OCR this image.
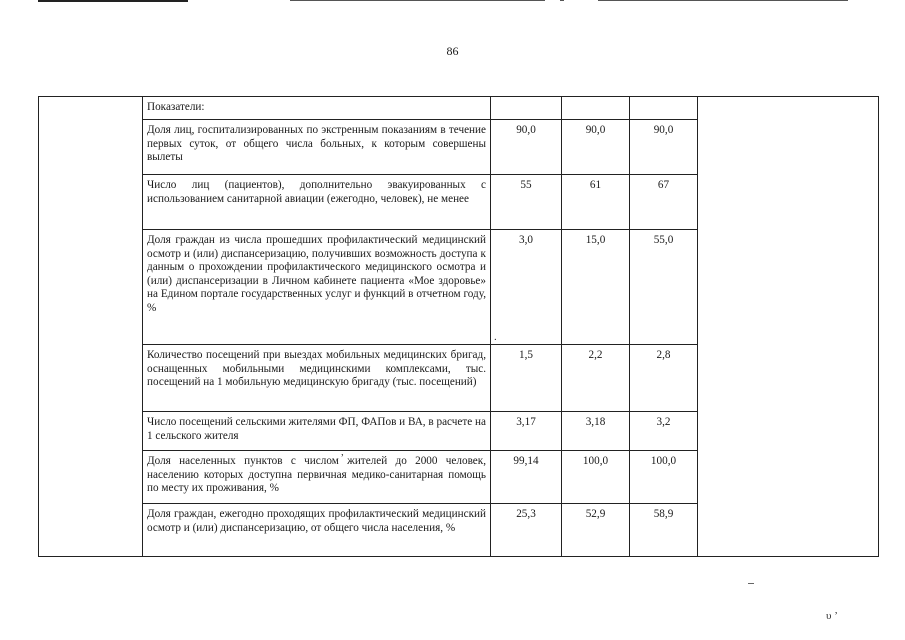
86
	Показатели:				
	Доля лиц, госпитализированных по экстренным показаниям в течение первых суток, от общего числа больных, к которым совершены вылеты	90,0	90,0	90,0	
	Число лиц (пациентов), дополнительно эвакуированных с использованием санитарной авиации (ежегодно, человек), не менее	55	61	67	
	Доля граждан из числа прошедших профилактический медицинский осмотр и (или) диспансеризацию, получивших возможность доступа к данным о прохождении профилактического медицинского осмотра и (или) диспансеризации в Личном кабинете пациента «Мое здоровье» на Едином портале государственных услуг и функций в отчетном году, %	3,0	15,0	55,0	
	Количество посещений при выездах мобильных медицинских бригад, оснащенных мобильными медицинскими комплексами, тыс. посещений на 1 мобильную медицинскую бригаду (тыс. посещений)	1,5	2,2	2,8	
	Число посещений сельскими жителями ФП, ФАПов и ВА, в расчете на 1 сельского жителя	3,17	3,18	3,2	
	Доля населенных пунктов с числом жителей до 2000 человек, населению которых доступна первичная медико-санитарная помощь по месту их проживания, %	99,14	100,0	100,0	
	Доля граждан, ежегодно проходящих профилактический медицинский осмотр и (или) диспансеризацию, от общего числа населения, %	25,3	52,9	58,9	
,
.
υ ʼ
